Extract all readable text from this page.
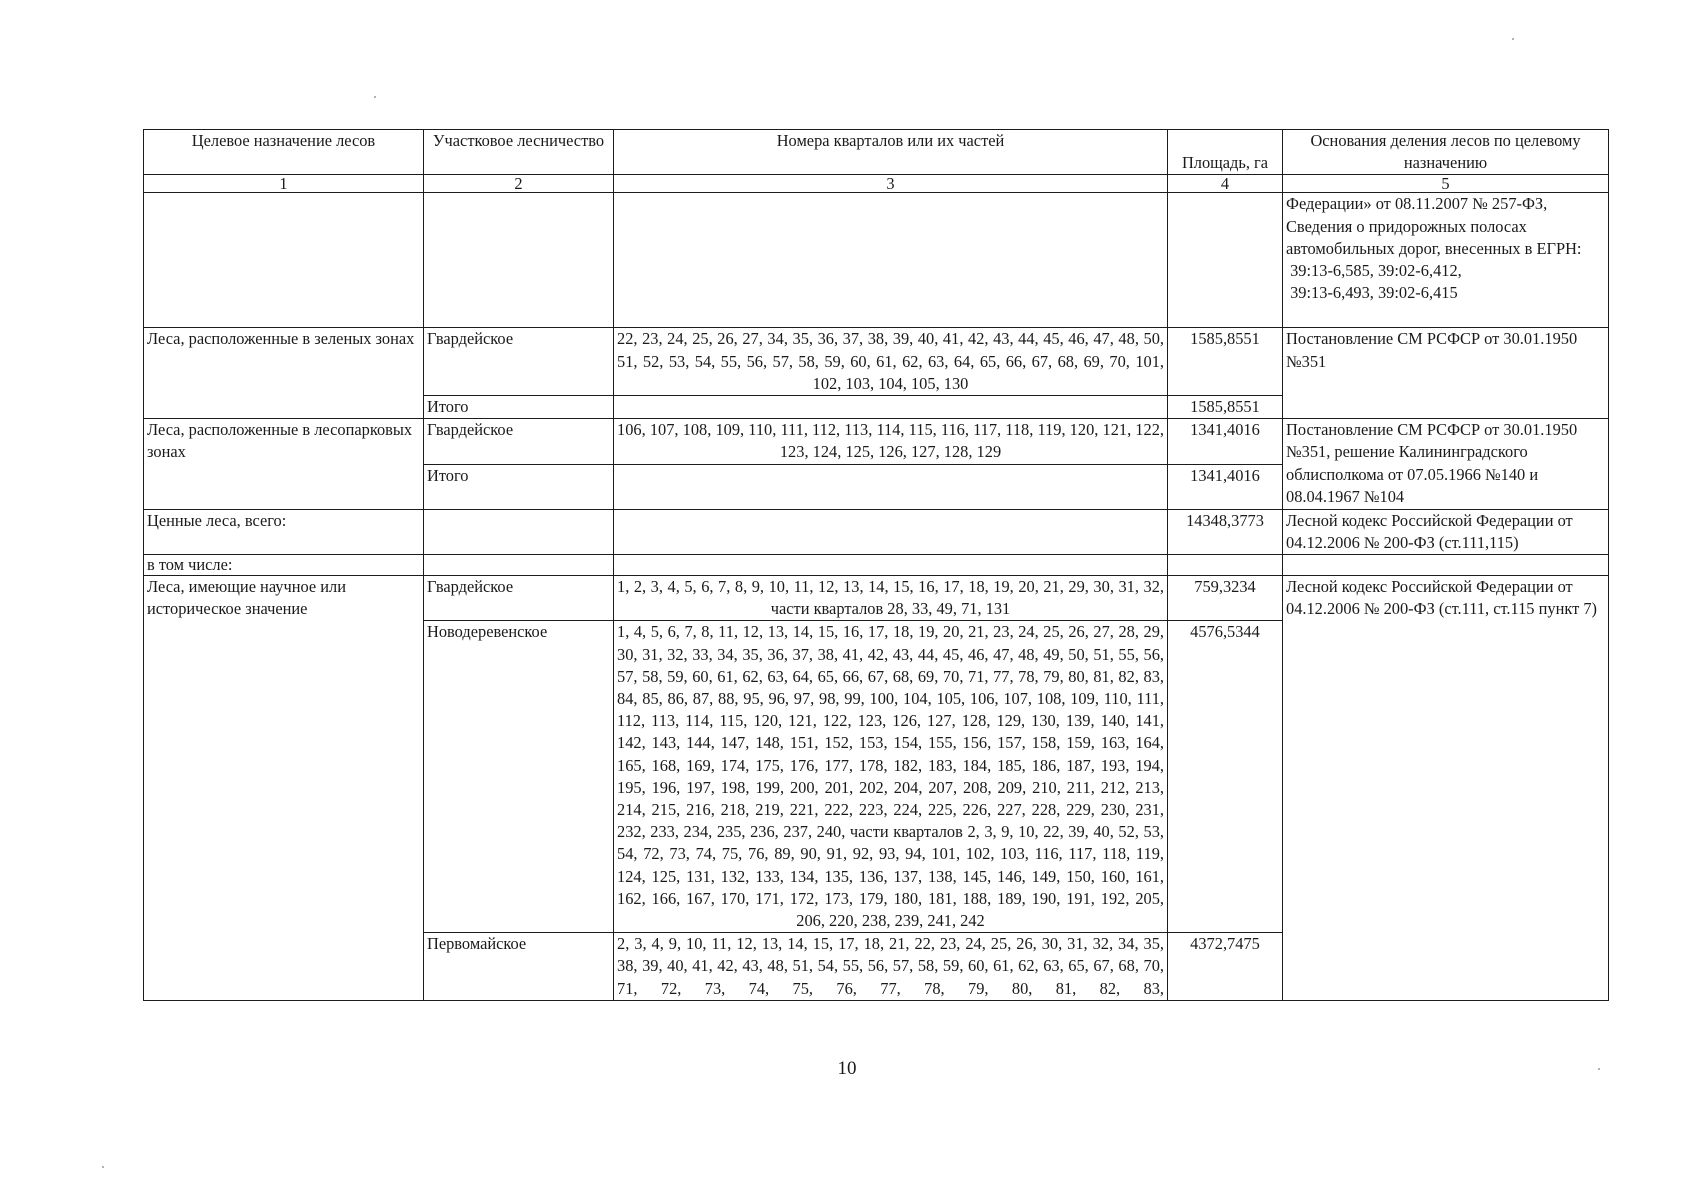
Целевое назначение лесов	Участковое лесничество	Номера кварталов или их частей	Площадь, га	Основания деления лесов по целевому назначению
1	2	3	4	5
				Федерации» от 08.11.2007 № 257-ФЗ, Сведения о придорожных полосах автомобильных дорог, внесенных в ЕГРН:
39:13-6,585, 39:02-6,412,
39:13-6,493, 39:02-6,415
Леса, расположенные в зеленых зонах	Гвардейское	22, 23, 24, 25, 26, 27, 34, 35, 36, 37, 38, 39, 40, 41, 42, 43, 44, 45, 46, 47, 48, 50, 51, 52, 53, 54, 55, 56, 57, 58, 59, 60, 61, 62, 63, 64, 65, 66, 67, 68, 69, 70, 101, 102, 103, 104, 105, 130	1585,8551	Постановление СМ РСФСР от 30.01.1950 №351
	Итого		1585,8551	
Леса, расположенные в лесопарковых зонах	Гвардейское	106, 107, 108, 109, 110, 111, 112, 113, 114, 115, 116, 117, 118, 119, 120, 121, 122, 123, 124, 125, 126, 127, 128, 129	1341,4016	Постановление СМ РСФСР от 30.01.1950 №351, решение Калининградского облисполкома от 07.05.1966 №140 и 08.04.1967 №104
	Итого		1341,4016	
Ценные леса, всего:			14348,3773	Лесной кодекс Российской Федерации от 04.12.2006 № 200-ФЗ (ст.111,115)
в том числе:				
Леса, имеющие научное или историческое значение	Гвардейское	1, 2, 3, 4, 5, 6, 7, 8, 9, 10, 11, 12, 13, 14, 15, 16, 17, 18, 19, 20, 21, 29, 30, 31, 32, части кварталов 28, 33, 49, 71, 131	759,3234	Лесной кодекс Российской Федерации от 04.12.2006 № 200-ФЗ (ст.111, ст.115 пункт 7)
	Новодеревенское	1, 4, 5, 6, 7, 8, 11, 12, 13, 14, 15, 16, 17, 18, 19, 20, 21, 23, 24, 25, 26, 27, 28, 29, 30, 31, 32, 33, 34, 35, 36, 37, 38, 41, 42, 43, 44, 45, 46, 47, 48, 49, 50, 51, 55, 56, 57, 58, 59, 60, 61, 62, 63, 64, 65, 66, 67, 68, 69, 70, 71, 77, 78, 79, 80, 81, 82, 83, 84, 85, 86, 87, 88, 95, 96, 97, 98, 99, 100, 104, 105, 106, 107, 108, 109, 110, 111, 112, 113, 114, 115, 120, 121, 122, 123, 126, 127, 128, 129, 130, 139, 140, 141, 142, 143, 144, 147, 148, 151, 152, 153, 154, 155, 156, 157, 158, 159, 163, 164, 165, 168, 169, 174, 175, 176, 177, 178, 182, 183, 184, 185, 186, 187, 193, 194, 195, 196, 197, 198, 199, 200, 201, 202, 204, 207, 208, 209, 210, 211, 212, 213, 214, 215, 216, 218, 219, 221, 222, 223, 224, 225, 226, 227, 228, 229, 230, 231, 232, 233, 234, 235, 236, 237, 240, части кварталов 2, 3, 9, 10, 22, 39, 40, 52, 53, 54, 72, 73, 74, 75, 76, 89, 90, 91, 92, 93, 94, 101, 102, 103, 116, 117, 118, 119, 124, 125, 131, 132, 133, 134, 135, 136, 137, 138, 145, 146, 149, 150, 160, 161, 162, 166, 167, 170, 171, 172, 173, 179, 180, 181, 188, 189, 190, 191, 192, 205, 206, 220, 238, 239, 241, 242	4576,5344	
	Первомайское	2, 3, 4, 9, 10, 11, 12, 13, 14, 15, 17, 18, 21, 22, 23, 24, 25, 26, 30, 31, 32, 34, 35, 38, 39, 40, 41, 42, 43, 48, 51, 54, 55, 56, 57, 58, 59, 60, 61, 62, 63, 65, 67, 68, 70, 71, 72, 73, 74, 75, 76, 77, 78, 79, 80, 81, 82, 83,	4372,7475	
10
